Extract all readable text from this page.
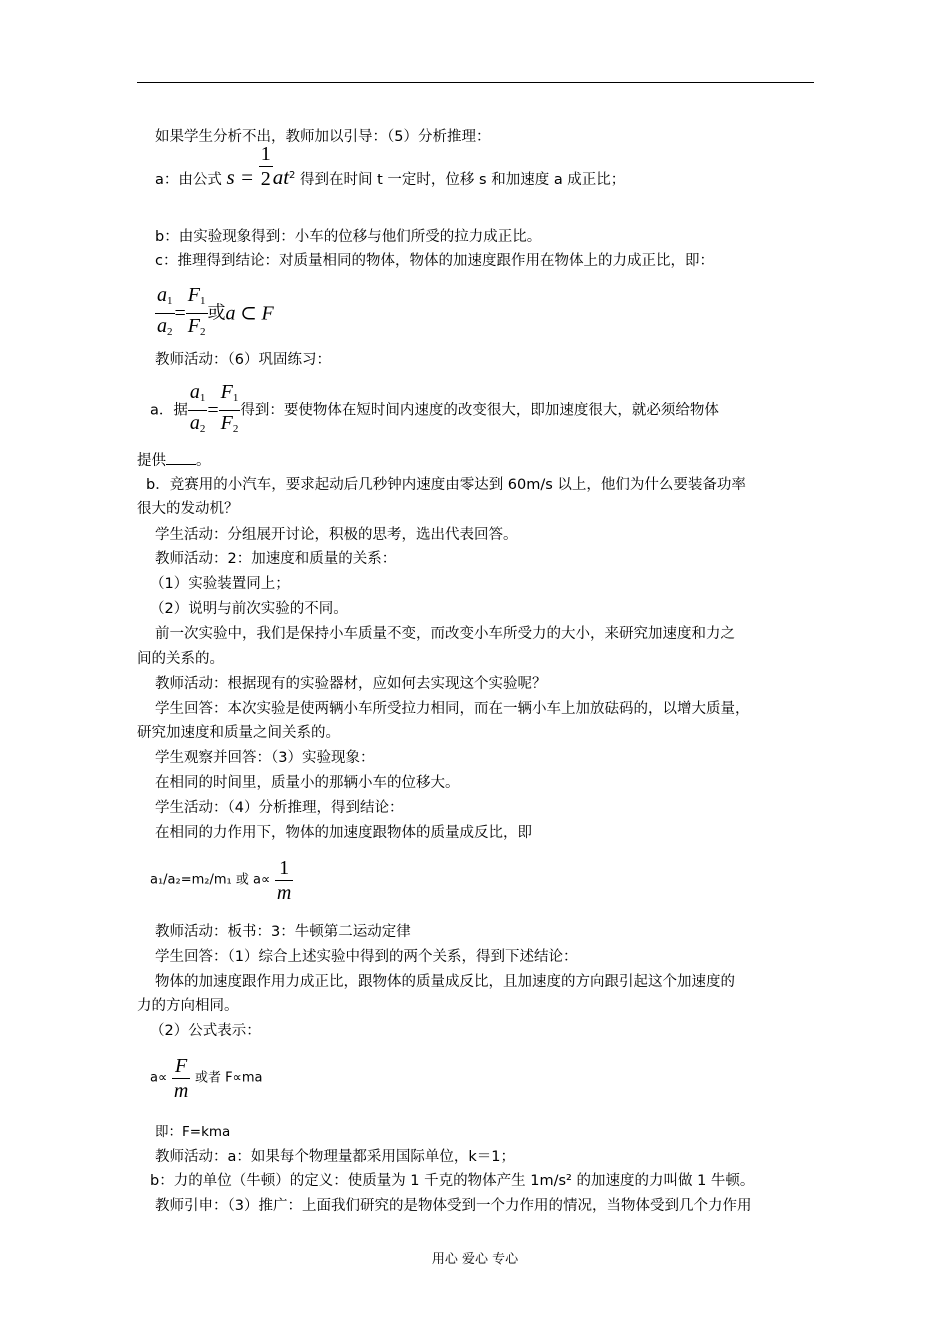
如果学生分析不出，教师加以引导：（5）分析推理：
a：由公式 $s = \frac{1}{2} at^2$ 得到在时间 t 一定时，位移 s 和加速度 a 成正比；
b：由实验现象得到：小车的位移与他们所受的拉力成正比。
c：推理得到结论：对质量相同的物体，物体的加速度跟作用在物体上的力成正比，即：
$\frac{a_1}{a_2} = \frac{F_1}{F_2}$ 或a ⊂ F
教师活动：（6）巩固练习：
a．据 $\frac{a_1}{a_2} = \frac{F_1}{F_2}$ 得到：要使物体在短时间内速度的改变很大，即加速度很大，就必须给物体
提供 。
b．竞赛用的小汽车，要求起动后几秒钟内速度由零达到 60m/s 以上，他们为什么要装备功率
很大的发动机？
学生活动：分组展开讨论，积极的思考，选出代表回答。
教师活动：2：加速度和质量的关系：
（1）实验装置同上；
（2）说明与前次实验的不同。
前一次实验中，我们是保持小车质量不变，而改变小车所受力的大小，来研究加速度和力之
间的关系的。
教师活动：根据现有的实验器材，应如何去实现这个实验呢？
学生回答：本次实验是使两辆小车所受拉力相同，而在一辆小车上加放砝码的，以增大质量，
研究加速度和质量之间关系的。
学生观察并回答：（3）实验现象：
在相同的时间里，质量小的那辆小车的位移大。
学生活动：（4）分析推理，得到结论：
在相同的力作用下，物体的加速度跟物体的质量成反比，即
a₁/a₂=m₂/m₁ 或 $a\propto \frac{1}{m}$
教师活动：板书：3：牛顿第二运动定律
学生回答：（1）综合上述实验中得到的两个关系，得到下述结论：
物体的加速度跟作用力成正比，跟物体的质量成反比，且加速度的方向跟引起这个加速度的
力的方向相同。
（2）公式表示：
$a\propto \frac{F}{m}$ 或者 F∝ma
即：F=kma
教师活动：a：如果每个物理量都采用国际单位，k＝1；
b：力的单位（牛顿）的定义：使质量为 1 千克的物体产生 1m/s² 的加速度的力叫做 1 牛顿。
教师引申：（3）推广：上面我们研究的是物体受到一个力作用的情况，当物体受到几个力作用
用心 爱心 专心
